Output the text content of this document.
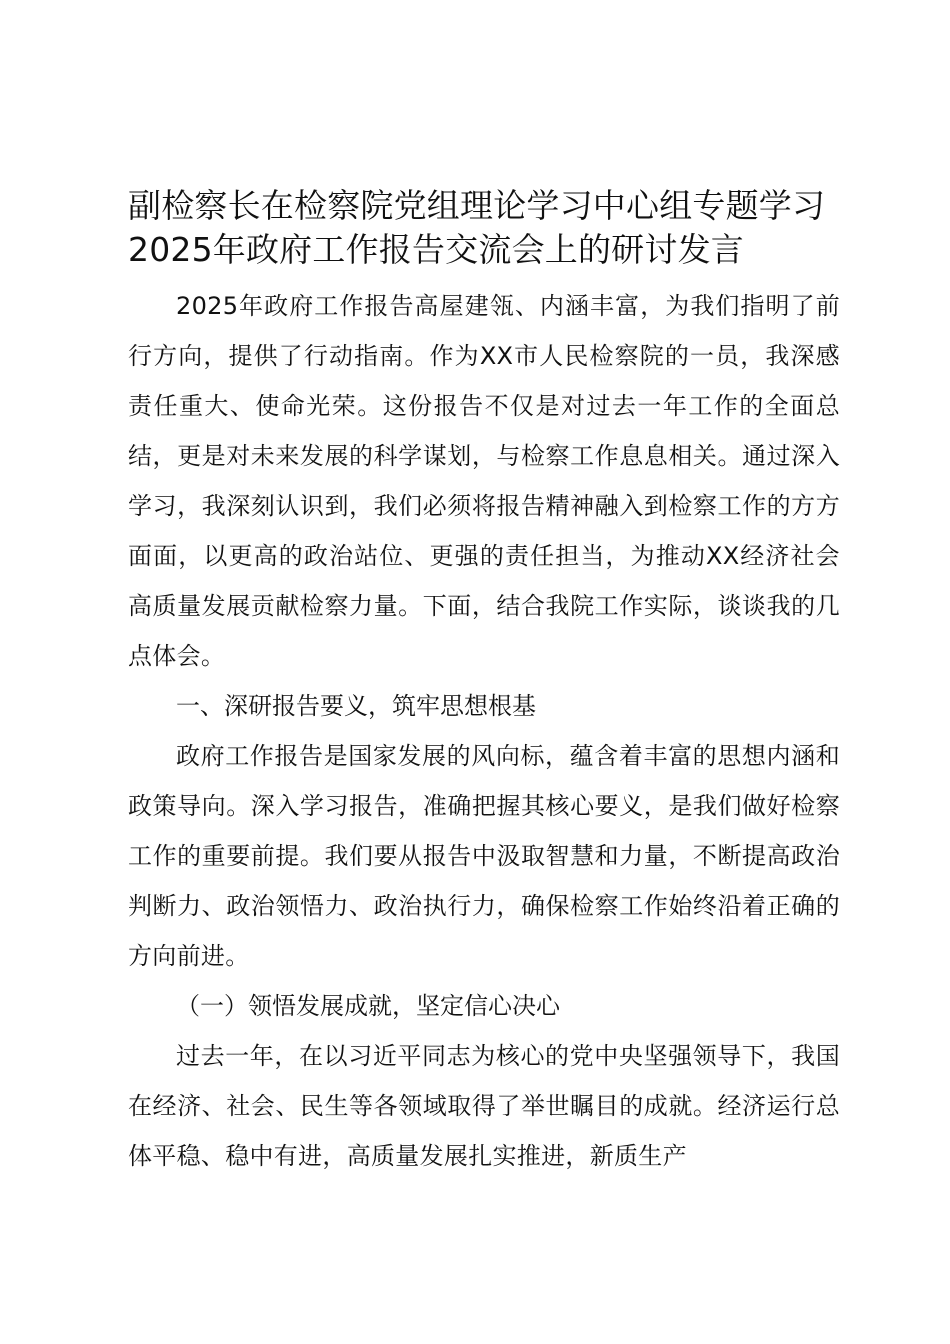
副检察长在检察院党组理论学习中心组专题学习2025年政府工作报告交流会上的研讨发言

2025年政府工作报告高屋建瓴、内涵丰富，为我们指明了前行方向，提供了行动指南。作为XX市人民检察院的一员，我深感责任重大、使命光荣。这份报告不仅是对过去一年工作的全面总结，更是对未来发展的科学谋划，与检察工作息息相关。通过深入学习，我深刻认识到，我们必须将报告精神融入到检察工作的方方面面，以更高的政治站位、更强的责任担当，为推动XX经济社会高质量发展贡献检察力量。下面，结合我院工作实际，谈谈我的几点体会。

一、深研报告要义，筑牢思想根基

政府工作报告是国家发展的风向标，蕴含着丰富的思想内涵和政策导向。深入学习报告，准确把握其核心要义，是我们做好检察工作的重要前提。我们要从报告中汲取智慧和力量，不断提高政治判断力、政治领悟力、政治执行力，确保检察工作始终沿着正确的方向前进。

（一）领悟发展成就，坚定信心决心

过去一年，在以习近平同志为核心的党中央坚强领导下，我国在经济、社会、民生等各领域取得了举世瞩目的成就。经济运行总体平稳、稳中有进，高质量发展扎实推进，新质生产
